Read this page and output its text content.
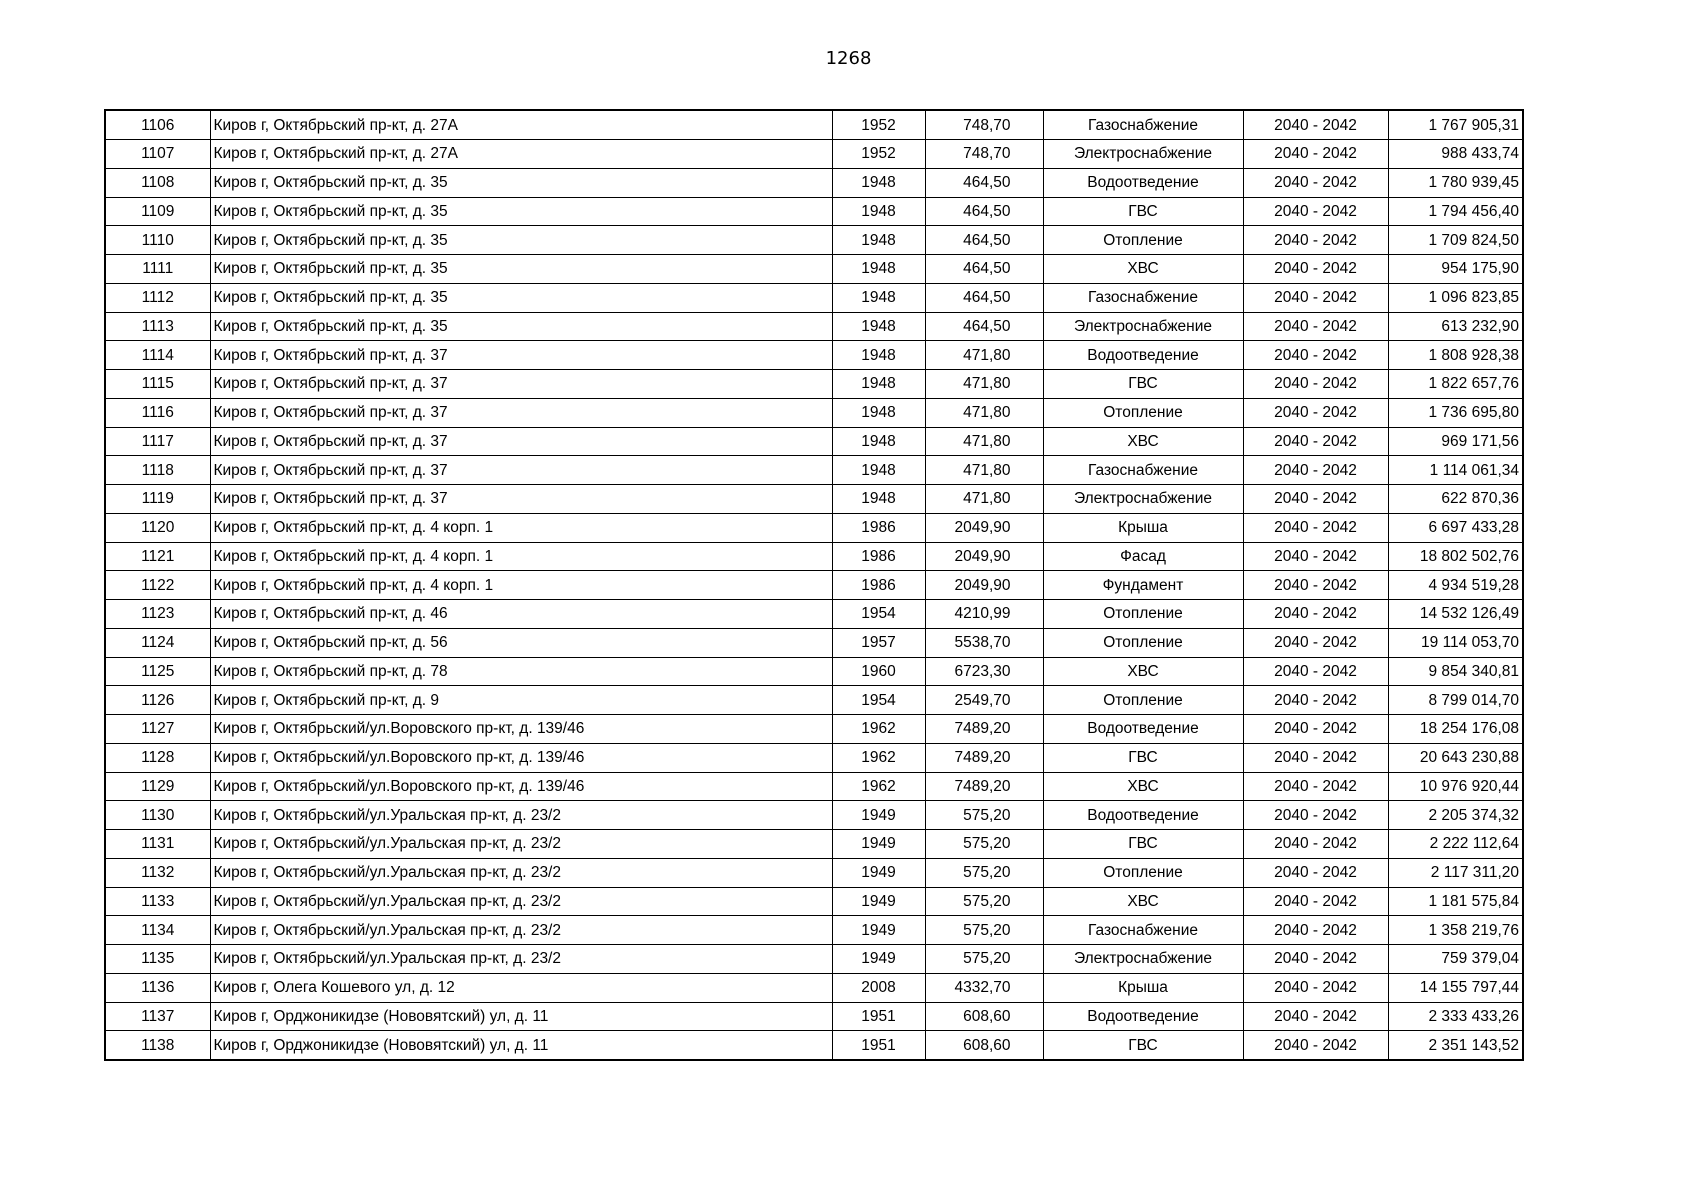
1268
1106	Киров г, Октябрьский пр-кт, д. 27А	1952	748,70	Газоснабжение	2040 - 2042	1 767 905,31
1107	Киров г, Октябрьский пр-кт, д. 27А	1952	748,70	Электроснабжение	2040 - 2042	988 433,74
1108	Киров г, Октябрьский пр-кт, д. 35	1948	464,50	Водоотведение	2040 - 2042	1 780 939,45
1109	Киров г, Октябрьский пр-кт, д. 35	1948	464,50	ГВС	2040 - 2042	1 794 456,40
1110	Киров г, Октябрьский пр-кт, д. 35	1948	464,50	Отопление	2040 - 2042	1 709 824,50
1111	Киров г, Октябрьский пр-кт, д. 35	1948	464,50	ХВС	2040 - 2042	954 175,90
1112	Киров г, Октябрьский пр-кт, д. 35	1948	464,50	Газоснабжение	2040 - 2042	1 096 823,85
1113	Киров г, Октябрьский пр-кт, д. 35	1948	464,50	Электроснабжение	2040 - 2042	613 232,90
1114	Киров г, Октябрьский пр-кт, д. 37	1948	471,80	Водоотведение	2040 - 2042	1 808 928,38
1115	Киров г, Октябрьский пр-кт, д. 37	1948	471,80	ГВС	2040 - 2042	1 822 657,76
1116	Киров г, Октябрьский пр-кт, д. 37	1948	471,80	Отопление	2040 - 2042	1 736 695,80
1117	Киров г, Октябрьский пр-кт, д. 37	1948	471,80	ХВС	2040 - 2042	969 171,56
1118	Киров г, Октябрьский пр-кт, д. 37	1948	471,80	Газоснабжение	2040 - 2042	1 114 061,34
1119	Киров г, Октябрьский пр-кт, д. 37	1948	471,80	Электроснабжение	2040 - 2042	622 870,36
1120	Киров г, Октябрьский пр-кт, д. 4 корп. 1	1986	2049,90	Крыша	2040 - 2042	6 697 433,28
1121	Киров г, Октябрьский пр-кт, д. 4 корп. 1	1986	2049,90	Фасад	2040 - 2042	18 802 502,76
1122	Киров г, Октябрьский пр-кт, д. 4 корп. 1	1986	2049,90	Фундамент	2040 - 2042	4 934 519,28
1123	Киров г, Октябрьский пр-кт, д. 46	1954	4210,99	Отопление	2040 - 2042	14 532 126,49
1124	Киров г, Октябрьский пр-кт, д. 56	1957	5538,70	Отопление	2040 - 2042	19 114 053,70
1125	Киров г, Октябрьский пр-кт, д. 78	1960	6723,30	ХВС	2040 - 2042	9 854 340,81
1126	Киров г, Октябрьский пр-кт, д. 9	1954	2549,70	Отопление	2040 - 2042	8 799 014,70
1127	Киров г, Октябрьский/ул.Воровского пр-кт, д. 139/46	1962	7489,20	Водоотведение	2040 - 2042	18 254 176,08
1128	Киров г, Октябрьский/ул.Воровского пр-кт, д. 139/46	1962	7489,20	ГВС	2040 - 2042	20 643 230,88
1129	Киров г, Октябрьский/ул.Воровского пр-кт, д. 139/46	1962	7489,20	ХВС	2040 - 2042	10 976 920,44
1130	Киров г, Октябрьский/ул.Уральская пр-кт, д. 23/2	1949	575,20	Водоотведение	2040 - 2042	2 205 374,32
1131	Киров г, Октябрьский/ул.Уральская пр-кт, д. 23/2	1949	575,20	ГВС	2040 - 2042	2 222 112,64
1132	Киров г, Октябрьский/ул.Уральская пр-кт, д. 23/2	1949	575,20	Отопление	2040 - 2042	2 117 311,20
1133	Киров г, Октябрьский/ул.Уральская пр-кт, д. 23/2	1949	575,20	ХВС	2040 - 2042	1 181 575,84
1134	Киров г, Октябрьский/ул.Уральская пр-кт, д. 23/2	1949	575,20	Газоснабжение	2040 - 2042	1 358 219,76
1135	Киров г, Октябрьский/ул.Уральская пр-кт, д. 23/2	1949	575,20	Электроснабжение	2040 - 2042	759 379,04
1136	Киров г, Олега Кошевого ул, д. 12	2008	4332,70	Крыша	2040 - 2042	14 155 797,44
1137	Киров г, Орджоникидзе (Нововятский) ул, д. 11	1951	608,60	Водоотведение	2040 - 2042	2 333 433,26
1138	Киров г, Орджоникидзе (Нововятский) ул, д. 11	1951	608,60	ГВС	2040 - 2042	2 351 143,52
